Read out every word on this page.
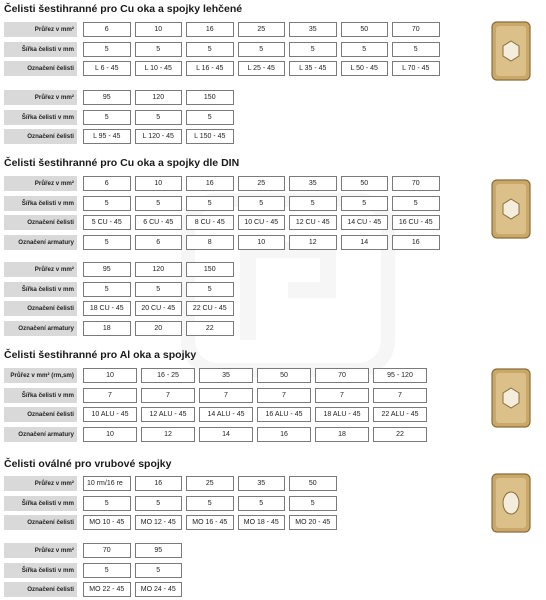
Čelisti šestihranné pro Cu oka a spojky lehčené
Čelisti šestihranné pro Cu oka a spojky dle DIN
Čelisti šestihranné pro Al oka a spojky
Čelisti oválné pro vrubové spojky
Průřez v mm²	6	10	16	25	35	50	70
Šířka čelisti v mm	5	5	5	5	5	5	5
Označení čelisti	L 6 - 45	L 10 - 45	L 16 - 45	L 25 - 45	L 35 - 45	L 50 - 45	L 70 - 45
Průřez v mm²	95	120	150
Šířka čelisti v mm	5	5	5
Označení čelisti	L 95 - 45	L 120 - 45	L 150 - 45
Průřez v mm²	6	10	16	25	35	50	70
Šířka čelisti v mm	5	5	5	5	5	5	5
Označení čelisti	5 CU - 45	6 CU - 45	8 CU - 45	10 CU - 45	12 CU - 45	14 CU - 45	16 CU - 45
Označení armatury	5	6	8	10	12	14	16
Průřez v mm²	95	120	150
Šířka čelisti v mm	5	5	5
Označení čelisti	18 CU - 45	20 CU - 45	22 CU - 45
Označení armatury	18	20	22
Průřez v mm² (rm,sm)	10	16 - 25	35	50	70	95 - 120
Šířka čelisti v mm	7	7	7	7	7	7
Označení čelisti	10 ALU - 45	12 ALU - 45	14 ALU - 45	16 ALU - 45	18 ALU - 45	22 ALU - 45
Označení armatury	10	12	14	16	18	22
Průřez v mm²	10 rm/16 re	16	25	35	50
Šířka čelisti v mm	5	5	5	5	5
Označení čelisti	MO 10 - 45	MO 12 - 45	MO 16 - 45	MO 18 - 45	MO 20 - 45
Průřez v mm²	70	95
Šířka čelisti v mm	5	5
Označení čelisti	MO 22 - 45	MO 24 - 45
